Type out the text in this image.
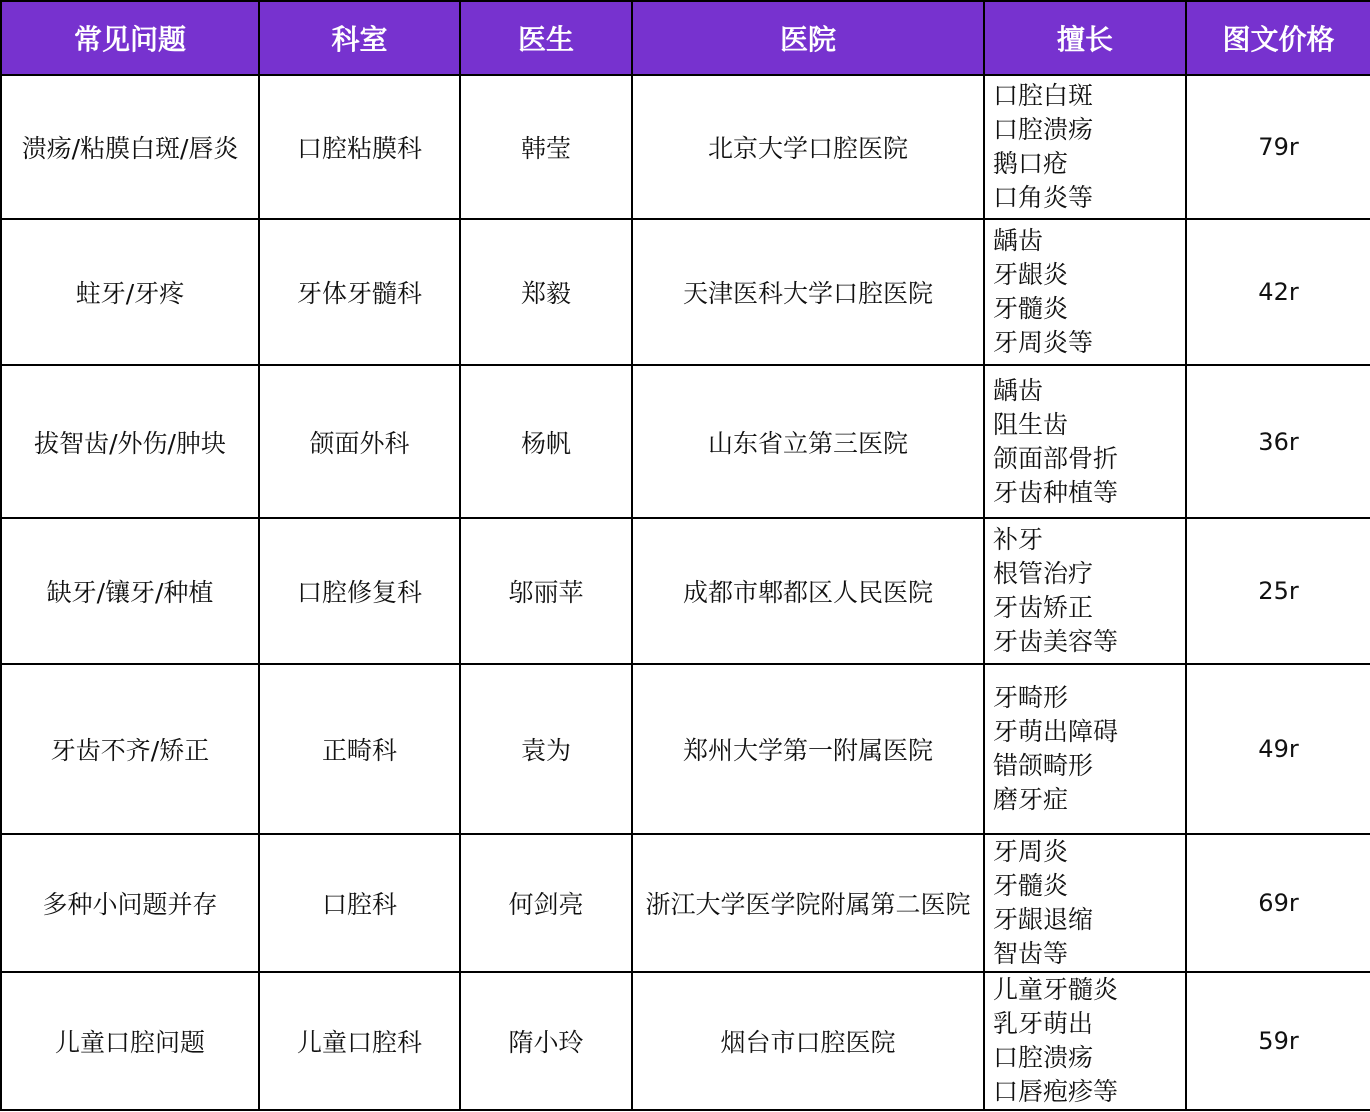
常见问题	科室	医生	医院	擅长	图文价格
溃疡/粘膜白斑/唇炎	口腔粘膜科	韩莹	北京大学口腔医院	口腔白斑
口腔溃疡
鹅口疮
口角炎等	79r
蛀牙/牙疼	牙体牙髓科	郑毅	天津医科大学口腔医院	龋齿
牙龈炎
牙髓炎
牙周炎等	42r
拔智齿/外伤/肿块	颌面外科	杨帆	山东省立第三医院	龋齿
阻生齿
颌面部骨折
牙齿种植等	36r
缺牙/镶牙/种植	口腔修复科	邬丽苹	成都市郫都区人民医院	补牙
根管治疗
牙齿矫正
牙齿美容等	25r
牙齿不齐/矫正	正畸科	袁为	郑州大学第一附属医院	牙畸形
牙萌出障碍
错颌畸形
磨牙症	49r
多种小问题并存	口腔科	何剑亮	浙江大学医学院附属第二医院	牙周炎
牙髓炎
牙龈退缩
智齿等	69r
儿童口腔问题	儿童口腔科	隋小玲	烟台市口腔医院	儿童牙髓炎
乳牙萌出
口腔溃疡
口唇疱疹等	59r
